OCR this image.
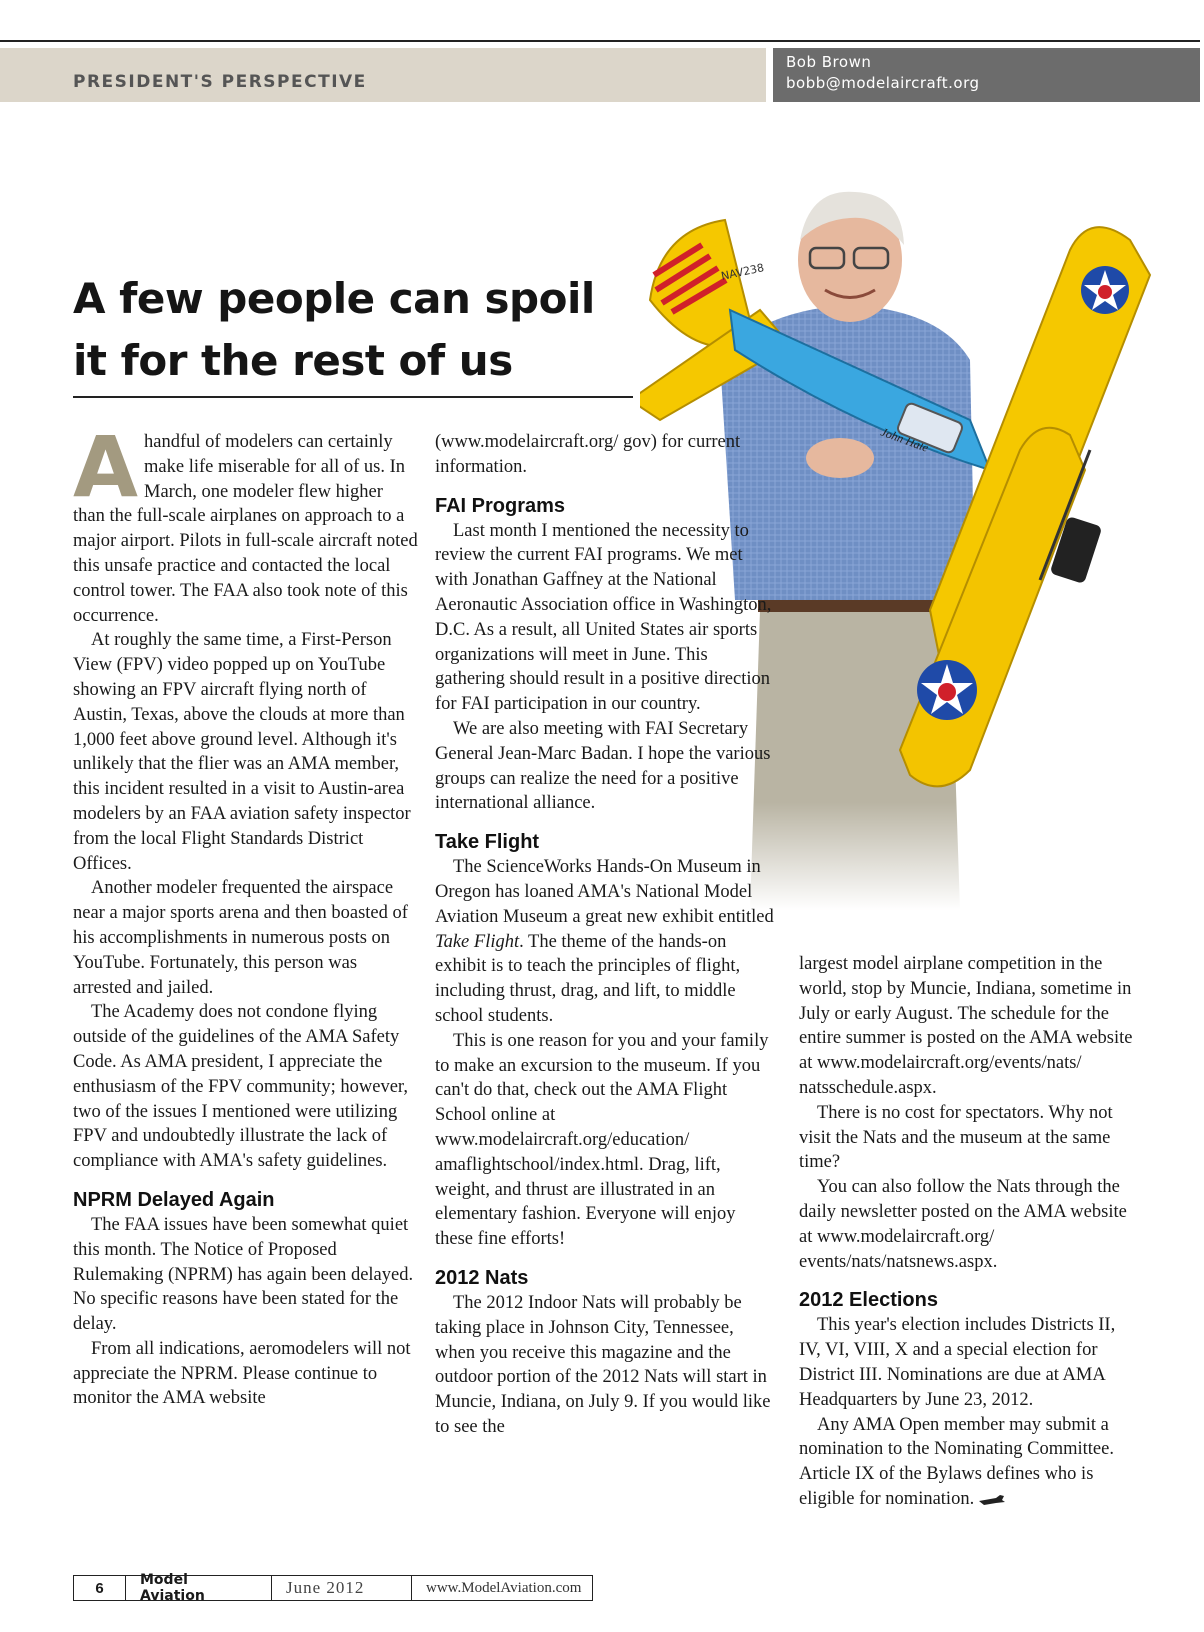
PRESIDENT'S PERSPECTIVE
Bob Brown
bobb@modelaircraft.org
A few people can spoil
it for the rest of us

Ahandful of modelers can certainly make life miserable for all of us. In March, one modeler flew higher than the full-scale airplanes on approach to a major airport. Pilots in full-scale aircraft noted this unsafe practice and contacted the local control tower. The FAA also took note of this occurrence.

At roughly the same time, a First-Person View (FPV) video popped up on YouTube showing an FPV aircraft flying north of Austin, Texas, above the clouds at more than 1,000 feet above ground level. Although it's unlikely that the flier was an AMA member, this incident resulted in a visit to Austin-area modelers by an FAA aviation safety inspector from the local Flight Standards District Offices.

Another modeler frequented the airspace near a major sports arena and then boasted of his accomplishments in numerous posts on YouTube. Fortunately, this person was arrested and jailed.

The Academy does not condone flying outside of the guidelines of the AMA Safety Code. As AMA president, I appreciate the enthusiasm of the FPV community; however, two of the issues I mentioned were utilizing FPV and undoubtedly illustrate the lack of compliance with AMA's safety guidelines.

NPRM Delayed Again

The FAA issues have been somewhat quiet this month. The Notice of Proposed Rulemaking (NPRM) has again been delayed. No specific reasons have been stated for the delay.

From all indications, aeromodelers will not appreciate the NPRM. Please continue to monitor the AMA website

(www.modelaircraft.org/ gov) for current information.

FAI Programs

Last month I mentioned the necessity to review the current FAI programs. We met with Jonathan Gaffney at the National Aeronautic Association office in Washington, D.C. As a result, all United States air sports organizations will meet in June. This gathering should result in a positive direction for FAI participation in our country.

We are also meeting with FAI Secretary General Jean-Marc Badan. I hope the various groups can realize the need for a positive international alliance.

Take Flight

The ScienceWorks Hands-On Museum in Oregon has loaned AMA's National Model Aviation Museum a great new exhibit entitled Take Flight. The theme of the hands-on exhibit is to teach the principles of flight, including thrust, drag, and lift, to middle school students.

This is one reason for you and your family to make an excursion to the museum. If you can't do that, check out the AMA Flight School online at www.modelaircraft.org/education/ amaflightschool/index.html. Drag, lift, weight, and thrust are illustrated in an elementary fashion. Everyone will enjoy these fine efforts!

2012 Nats

The 2012 Indoor Nats will probably be taking place in Johnson City, Tennessee, when you receive this magazine and the outdoor portion of the 2012 Nats will start in Muncie, Indiana, on July 9. If you would like to see the

largest model airplane competition in the world, stop by Muncie, Indiana, sometime in July or early August. The schedule for the entire summer is posted on the AMA website at www.modelaircraft.org/events/nats/ natsschedule.aspx.

There is no cost for spectators. Why not visit the Nats and the museum at the same time?

You can also follow the Nats through the daily newsletter posted on the AMA website at www.modelaircraft.org/ events/nats/natsnews.aspx.

2012 Elections

This year's election includes Districts II, IV, VI, VIII, X and a special election for District III. Nominations are due at AMA Headquarters by June 23, 2012.

Any AMA Open member may submit a nomination to the Nominating Committee. Article IX of the Bylaws defines who is eligible for nomination.

6	Model Aviation	June 2012	www.ModelAviation.com
